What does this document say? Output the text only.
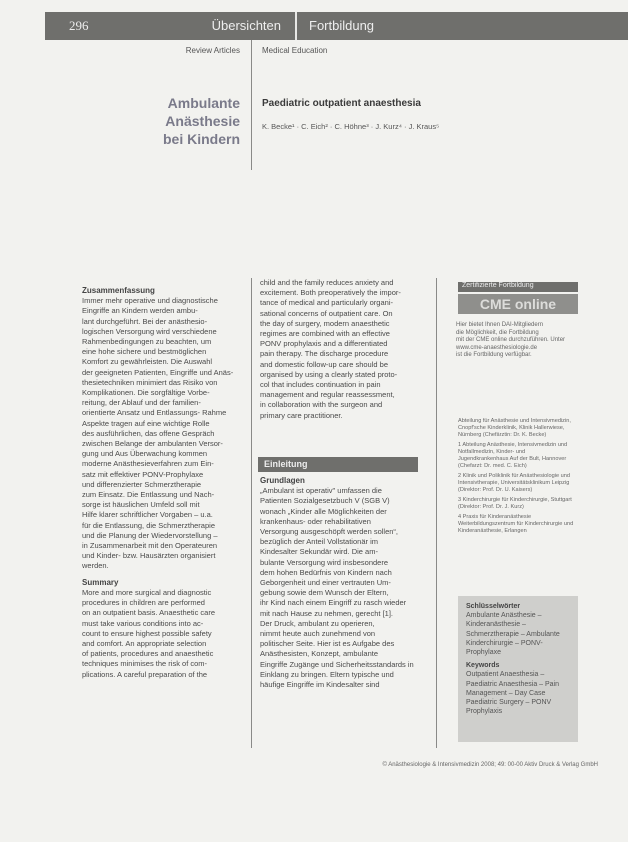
296	Übersichten Fortbildung
Review Articles	Medical Education
Ambulante Anästhesie
bei Kindern
Paediatric outpatient anaesthesia
K. Becke¹ · C. Eich² · C. Höhne³ · J. Kurz⁴ · J. Kraus⁵
Zusammenfassung
Immer mehr operative und diagnostische
Eingriffe an Kindern werden ambu-
lant durchgeführt. Bei der anästhesio-
logischen Versorgung wird verschiedene
Rahmenbedingungen zu beachten, um
eine hohe sichere und bestmöglichen
Komfort zu gewährleisten. Die Auswahl
der geeigneten Patienten, Eingriffe und Anäs-
thesietechniken minimiert das Risiko von
Komplikationen. Die sorgfältige Vorbe-
reitung, der Ablauf und der familien-
orientierte Ansatz und Entlassungs- Rahme
Aspekte tragen auf eine wichtige Rolle
des ausführlichen, das offene Gespräch
zwischen Belange der ambulanten Versor-
gung und Aus Überwachung kommen
moderne Anästhesieverfahren zum Ein-
satz mit effektiver PONV-Prophylaxe
und differenzierter Schmerztherapie
zum Einsatz. Die Entlassung und Nach-
sorge ist häuslichen Umfeld soll mit
Hilfe klarer schriftlicher Vorgaben – u.a.
für die Entlassung, die Schmerztherapie
und die Planung der Wiedervorstellung –
in Zusammenarbeit mit den Operateuren
und Kinder- bzw. Hausärzten organisiert
werden.
Summary
More and more surgical and diagnostic
procedures in children are performed
on an outpatient basis. Anaesthetic care
must take various conditions into ac-
count to ensure highest possible safety
and comfort. An appropriate selection
of patients, procedures and anaesthetic
techniques minimises the risk of com-
plications. A careful preparation of the
child and the family reduces anxiety and
excitement. Both preoperatively the impor-
tance of medical and particularly organi-
sational concerns of outpatient care. On
the day of surgery, modern anaesthetic
regimes are combined with an effective
PONV prophylaxis and a differentiated
pain therapy. The discharge procedure
and domestic follow-up care should be
organised by using a clearly stated proto-
col that includes continuation in pain
management and regular reassessment,
in collaboration with the surgeon and
primary care practitioner.
Einleitung
Grundlagen
„Ambulant ist operativ" umfassen die
Patienten Sozialgesetzbuch V (SGB V)
wonach „Kinder alle Möglichkeiten der
krankenhaus- oder rehabilitativen
Versorgung ausgeschöpft werden sollen“,
bezüglich der Anteil Vollstationär im
Kindesalter Sekundär wird. Die am-
bulante Versorgung wird insbesondere
dem hohen Bedürfnis von Kindern nach
Geborgenheit und einer vertrauten Um-
gebung sowie dem Wunsch der Eltern,
ihr Kind nach einem Eingriff zu rasch wieder
mit nach Hause zu nehmen, gerecht [1].
Der Druck, ambulant zu operieren,
nimmt heute auch zunehmend von
politischer Seite. Hier ist es Aufgabe des
Anästhesisten, Konzept, ambulante
Eingriffe Zugänge und Sicherheitsstandards in
Einklang zu bringen. Eltern typische und
häufige Eingriffe im Kindesalter sind
Zertifizierte Fortbildung
CME online
Hier bietet Ihnen DAI-Mitgliedern
die Möglichkeit, die Fortbildung
mit der CME online durchzuführen. Unter
www.cme-anaesthesiologie.de
ist die Fortbildung verfügbar.
Abteilung für Anästhesie und Intensivmedizin, Cnopf'sche Kinderklinik, Klinik Hallerwiese, Nürnberg (Chefärztin: Dr. K. Becke)
1 Abteilung Anästhesie, Intensivmedizin und Notfallmedizin, Kinder- und Jugendkrankenhaus Auf der Bult, Hannover (Chefarzt: Dr. med. C. Eich)
2 Klinik und Poliklinik für Anästhesiologie und Intensivtherapie, Universitätsklinikum Leipzig (Direktor: Prof. Dr. U. Kaisers)
3 Kinderchirurgie für Kinderchirurgie, Stuttgart (Direktor: Prof. Dr. J. Kurz)
4 Praxis für Kinderanästhesie Weiterbildungszentrum für Kinderchirurgie und Kinderanästhesie, Erlangen
Schlüsselwörter
Ambulante Anästhesie – Kinderanästhesie – Schmerztherapie – Ambulante Kinderchirurgie – PONV-Prophylaxe
Keywords
Outpatient Anaesthesia – Paediatric Anaesthesia – Pain Management – Day Case Paediatric Surgery – PONV Prophylaxis
© Anästhesiologie & Intensivmedizin 2008; 49: 00-00 Aktiv Druck & Verlag GmbH
